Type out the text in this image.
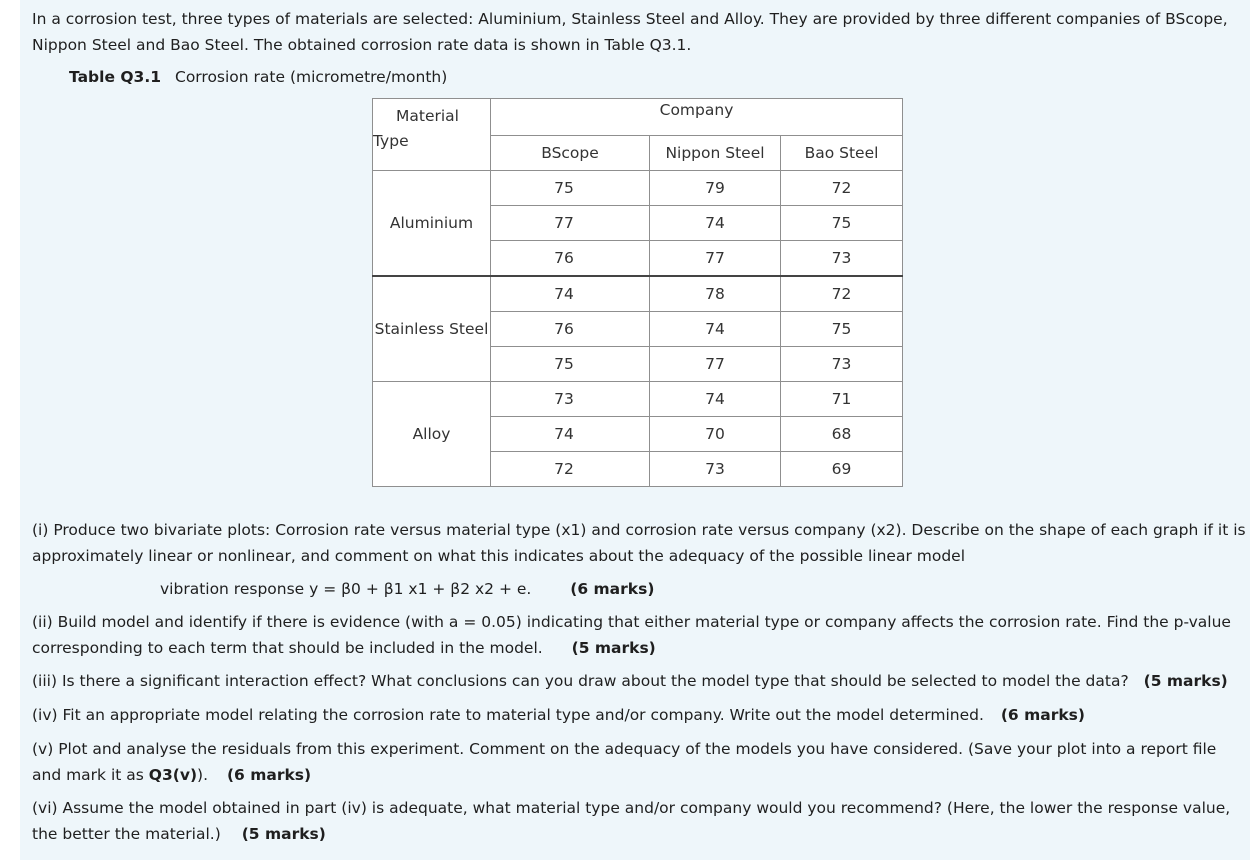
In a corrosion test, three types of materials are selected: Aluminium, Stainless Steel and Alloy. They are provided by three different companies of BScope, Nippon Steel and Bao Steel. The obtained corrosion rate data is shown in Table Q3.1.
Table Q3.1 Corrosion rate (micrometre/month)
Material
Type	Company		
	BScope	Nippon Steel	Bao Steel
Aluminium	75	79	72
	77	74	75
	76	77	73
Stainless Steel	74	78	72
	76	74	75
	75	77	73
Alloy	73	74	71
	74	70	68
	72	73	69
(i) Produce two bivariate plots: Corrosion rate versus material type (x1) and corrosion rate versus company (x2). Describe on the shape of each graph if it is approximately linear or nonlinear, and comment on what this indicates about the adequacy of the possible linear model
vibration response y = β0 + β1 x1 + β2 x2 + e.	(6 marks)
(ii) Build model and identify if there is evidence (with a = 0.05) indicating that either material type or company affects the corrosion rate. Find the p-value corresponding to each term that should be included in the model. (5 marks)
(iii) Is there a significant interaction effect? What conclusions can you draw about the model type that should be selected to model the data? (5 marks)
(iv) Fit an appropriate model relating the corrosion rate to material type and/or company. Write out the model determined. (6 marks)
(v) Plot and analyse the residuals from this experiment. Comment on the adequacy of the models you have considered. (Save your plot into a report file and mark it as Q3(v)). (6 marks)
(vi) Assume the model obtained in part (iv) is adequate, what material type and/or company would you recommend? (Here, the lower the response value, the better the material.) (5 marks)
